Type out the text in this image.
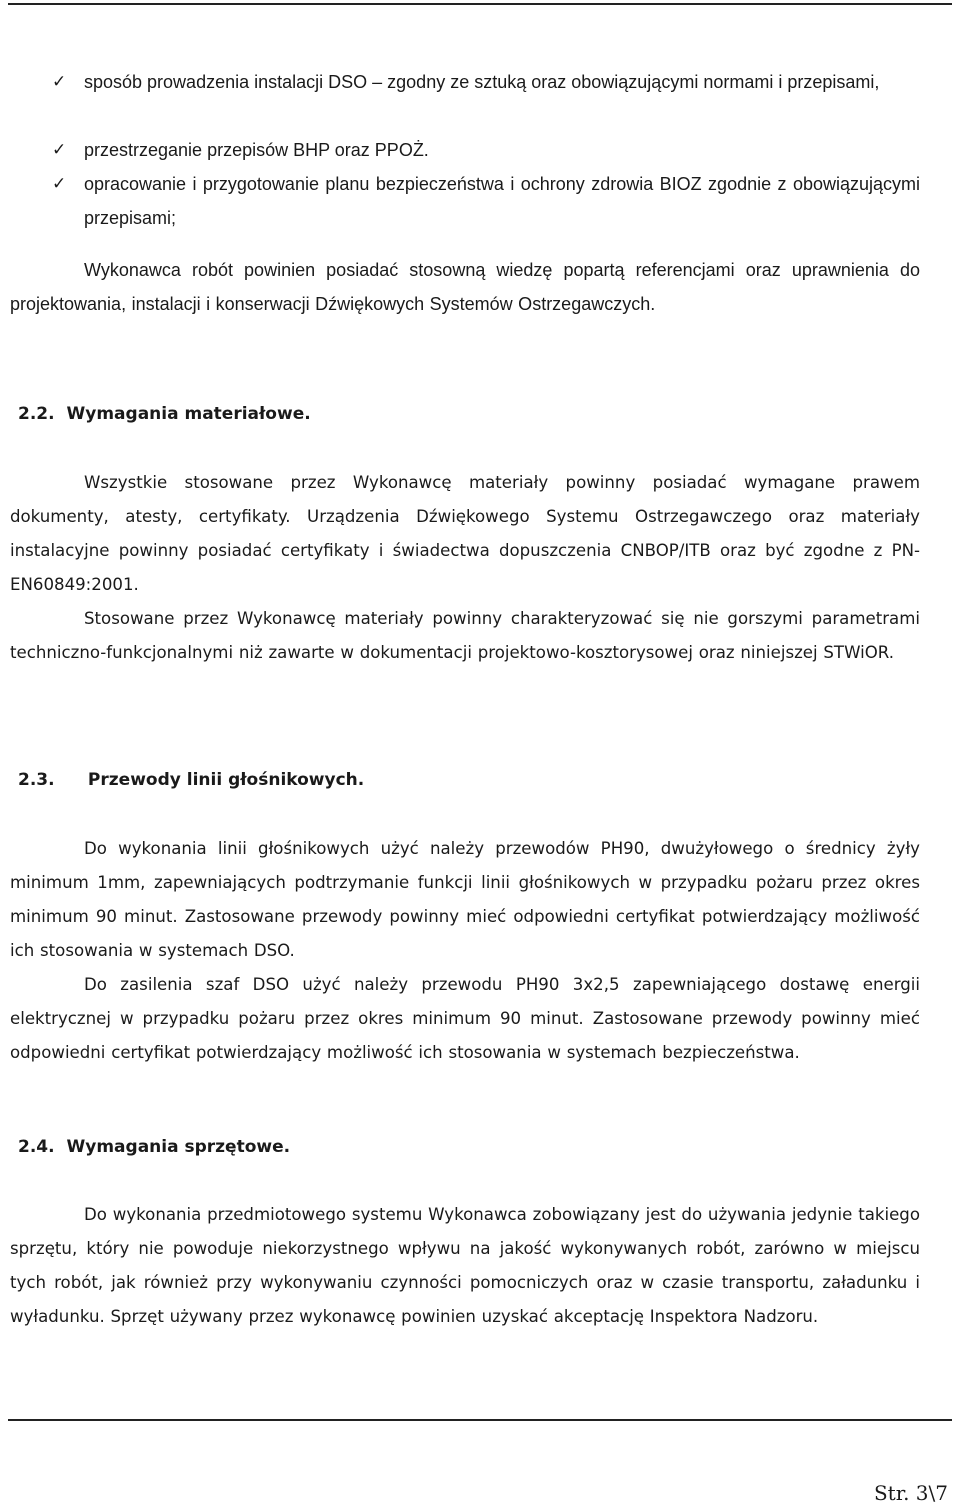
✓ sposób prowadzenia instalacji DSO – zgodny ze sztuką oraz obowiązującymi normami i przepisami,
✓ przestrzeganie przepisów BHP oraz PPOŻ.
✓ opracowanie i przygotowanie planu bezpieczeństwa i ochrony zdrowia BIOZ zgodnie z obowiązującymi przepisami;

Wykonawca robót powinien posiadać stosowną wiedzę popartą referencjami oraz uprawnienia do projektowania, instalacji i konserwacji Dźwiękowych Systemów Ostrzegawczych.

2.2. Wymagania materiałowe.

Wszystkie stosowane przez Wykonawcę materiały powinny posiadać wymagane prawem dokumenty, atesty, certyfikaty. Urządzenia Dźwiękowego Systemu Ostrzegawczego oraz materiały instalacyjne powinny posiadać certyfikaty i świadectwa dopuszczenia CNBOP/ITB oraz być zgodne z PN-EN60849:2001.

Stosowane przez Wykonawcę materiały powinny charakteryzować się nie gorszymi parametrami techniczno-funkcjonalnymi niż zawarte w dokumentacji projektowo-kosztorysowej oraz niniejszej STWiOR.

2.3. Przewody linii głośnikowych.

Do wykonania linii głośnikowych użyć należy przewodów PH90, dwużyłowego o średnicy żyły minimum 1mm, zapewniających podtrzymanie funkcji linii głośnikowych w przypadku pożaru przez okres minimum 90 minut. Zastosowane przewody powinny mieć odpowiedni certyfikat potwierdzający możliwość ich stosowania w systemach DSO.

Do zasilenia szaf DSO użyć należy przewodu PH90 3x2,5 zapewniającego dostawę energii elektrycznej w przypadku pożaru przez okres minimum 90 minut. Zastosowane przewody powinny mieć odpowiedni certyfikat potwierdzający możliwość ich stosowania w systemach bezpieczeństwa.

2.4. Wymagania sprzętowe.

Do wykonania przedmiotowego systemu Wykonawca zobowiązany jest do używania jedynie takiego sprzętu, który nie powoduje niekorzystnego wpływu na jakość wykonywanych robót, zarówno w miejscu tych robót, jak również przy wykonywaniu czynności pomocniczych oraz w czasie transportu, załadunku i wyładunku. Sprzęt używany przez wykonawcę powinien uzyskać akceptację Inspektora Nadzoru.

Str. 3\7
